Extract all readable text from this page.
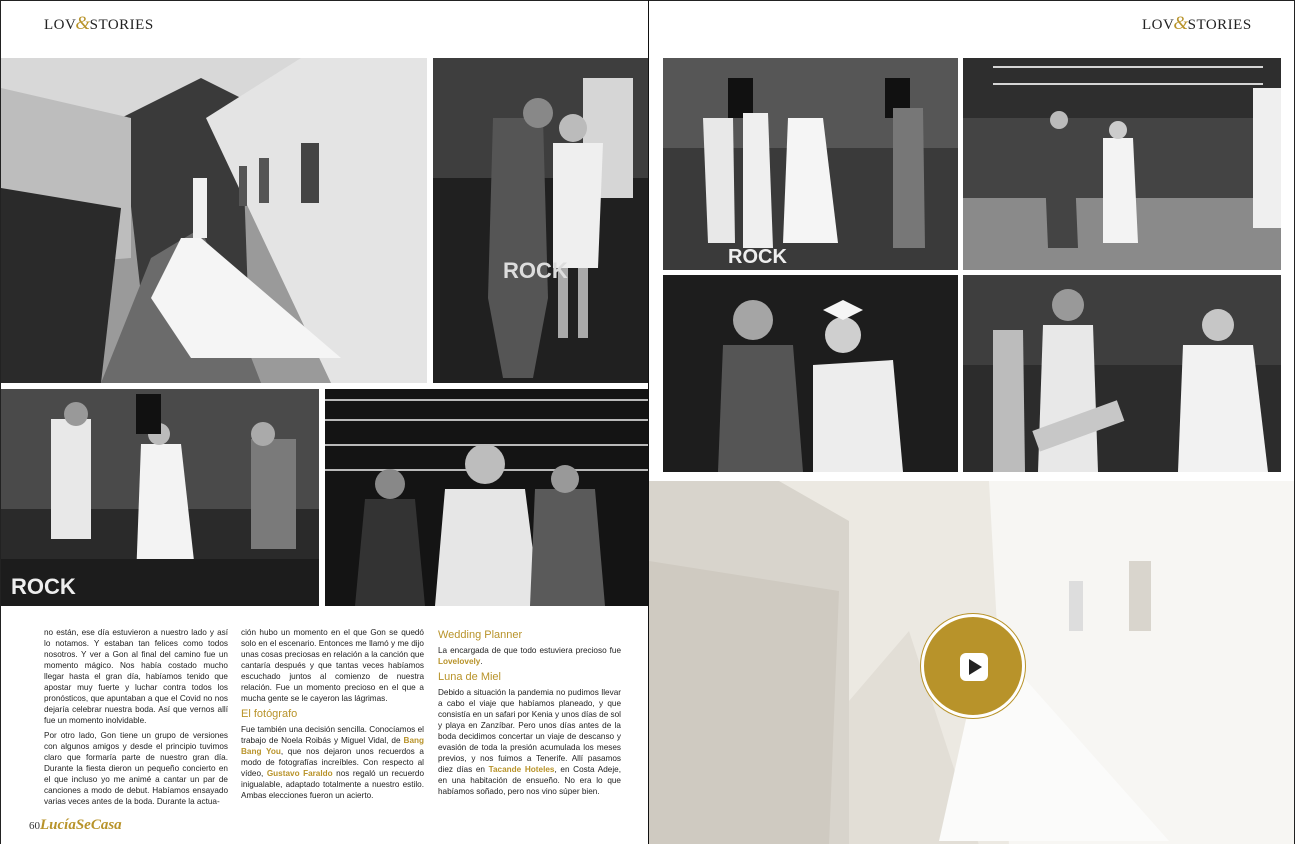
LOV&STORIES
ROCK
ROCK

no están, ese día estuvieron a nuestro lado y así lo notamos. Y estaban tan felices como todos nosotros. Y ver a Gon al final del camino fue un momento mágico. Nos había costado mucho llegar hasta el gran día, habíamos tenido que apostar muy fuerte y luchar contra todos los pronósticos, que apuntaban a que el Covid no nos dejaría celebrar nuestra boda. Así que vernos allí fue un momento inolvidable.

Por otro lado, Gon tiene un grupo de versiones con algunos amigos y desde el principio tuvimos claro que formaría parte de nuestro gran día. Durante la fiesta dieron un pequeño concierto en el que incluso yo me animé a cantar un par de canciones a modo de debut. Habíamos ensayado varias veces antes de la boda. Durante la actua-

ción hubo un momento en el que Gon se quedó solo en el escenario. Entonces me llamó y me dijo unas cosas preciosas en relación a la canción que cantaría después y que tantas veces habíamos escuchado juntos al comienzo de nuestra relación. Fue un momento precioso en el que a mucha gente se le cayeron las lágrimas.

El fotógrafo

Fue también una decisión sencilla. Conocíamos el trabajo de Noela Roibás y Miguel Vidal, de Bang Bang You, que nos dejaron unos recuerdos a modo de fotografías increíbles. Con respecto al vídeo, Gustavo Faraldo nos regaló un recuerdo inigualable, adaptado totalmente a nuestro estilo. Ambas elecciones fueron un acierto.

Wedding Planner

La encargada de que todo estuviera precioso fue Lovelovely.

Luna de Miel

Debido a situación la pandemia no pudimos llevar a cabo el viaje que habíamos planeado, y que consistía en un safari por Kenia y unos días de sol y playa en Zanzíbar. Pero unos días antes de la boda decidimos concertar un viaje de descanso y evasión de toda la presión acumulada los meses previos, y nos fuimos a Tenerife. Allí pasamos diez días en Tacande Hoteles, en Costa Adeje, en una habitación de ensueño. No era lo que habíamos soñado, pero nos vino súper bien.

60LucíaSeCasa
LOV&STORIES
ROCK
